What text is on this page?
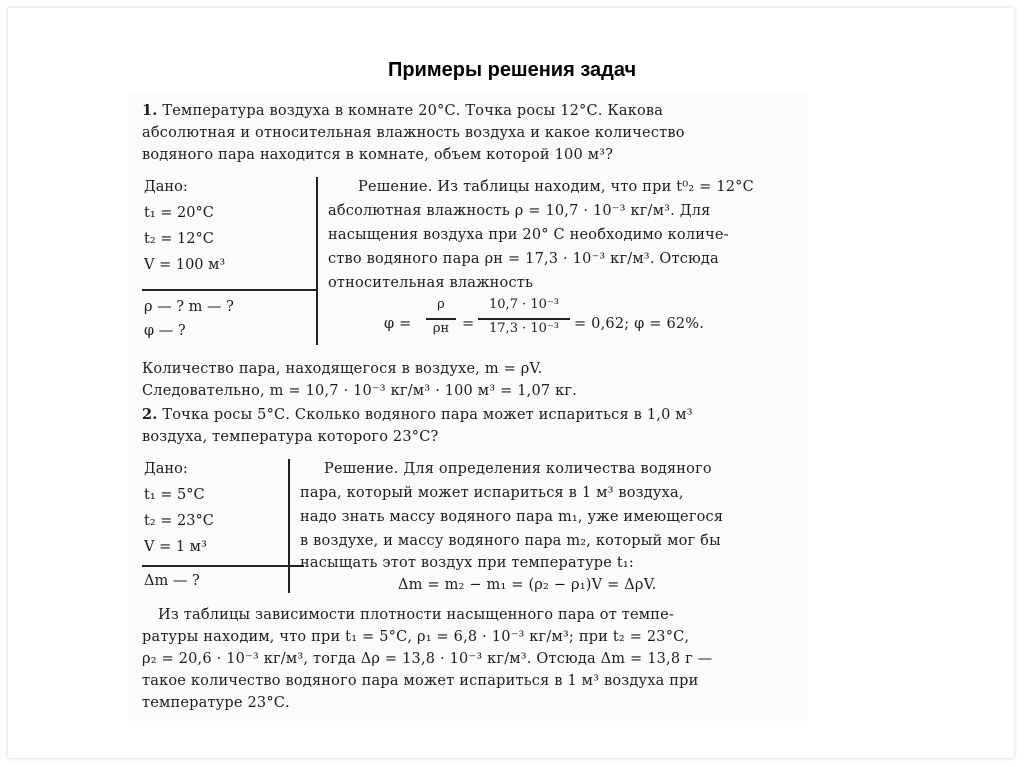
Примеры решения задач
1. Температура воздуха в комнате 20°С. Точка росы 12°С. Какова
абсолютная и относительная влажность воздуха и какое количество
водяного пара находится в комнате, объем которой 100 м³?
Дано:
t₁ = 20°С
t₂ = 12°С
V = 100 м³
ρ — ? m — ?
φ — ?
Решение. Из таблицы находим, что при t⁰₂ = 12°С
абсолютная влажность ρ = 10,7 · 10⁻³ кг/м³. Для
насыщения воздуха при 20° С необходимо количе-
ство водяного пара ρн = 17,3 · 10⁻³ кг/м³. Отсюда
относительная влажность
φ =
ρ
ρн =
10,7 · 10⁻³
17,3 · 10⁻³	= 0,62; φ = 62%.
Количество пара, находящегося в воздухе, m = ρV.
Следовательно, m = 10,7 · 10⁻³ кг/м³ · 100 м³ = 1,07 кг.
2. Точка росы 5°С. Сколько водяного пара может испариться в 1,0 м³
воздуха, температура которого 23°С?
Дано:
t₁ = 5°С
t₂ = 23°С
V = 1 м³
Δm — ?
Решение. Для определения количества водяного
пара, который может испариться в 1 м³ воздуха,
надо знать массу водяного пара m₁, уже имеющегося
в воздухе, и массу водяного пара m₂, который мог бы
насыщать этот воздух при температуре t₁:
Δm = m₂ − m₁ = (ρ₂ − ρ₁)V = ΔρV.
Из таблицы зависимости плотности насыщенного пара от темпе-
ратуры находим, что при t₁ = 5°С, ρ₁ = 6,8 · 10⁻³ кг/м³; при t₂ = 23°С,
ρ₂ = 20,6 · 10⁻³ кг/м³, тогда Δρ = 13,8 · 10⁻³ кг/м³. Отсюда Δm = 13,8 г —
такое количество водяного пара может испариться в 1 м³ воздуха при
температуре 23°С.
